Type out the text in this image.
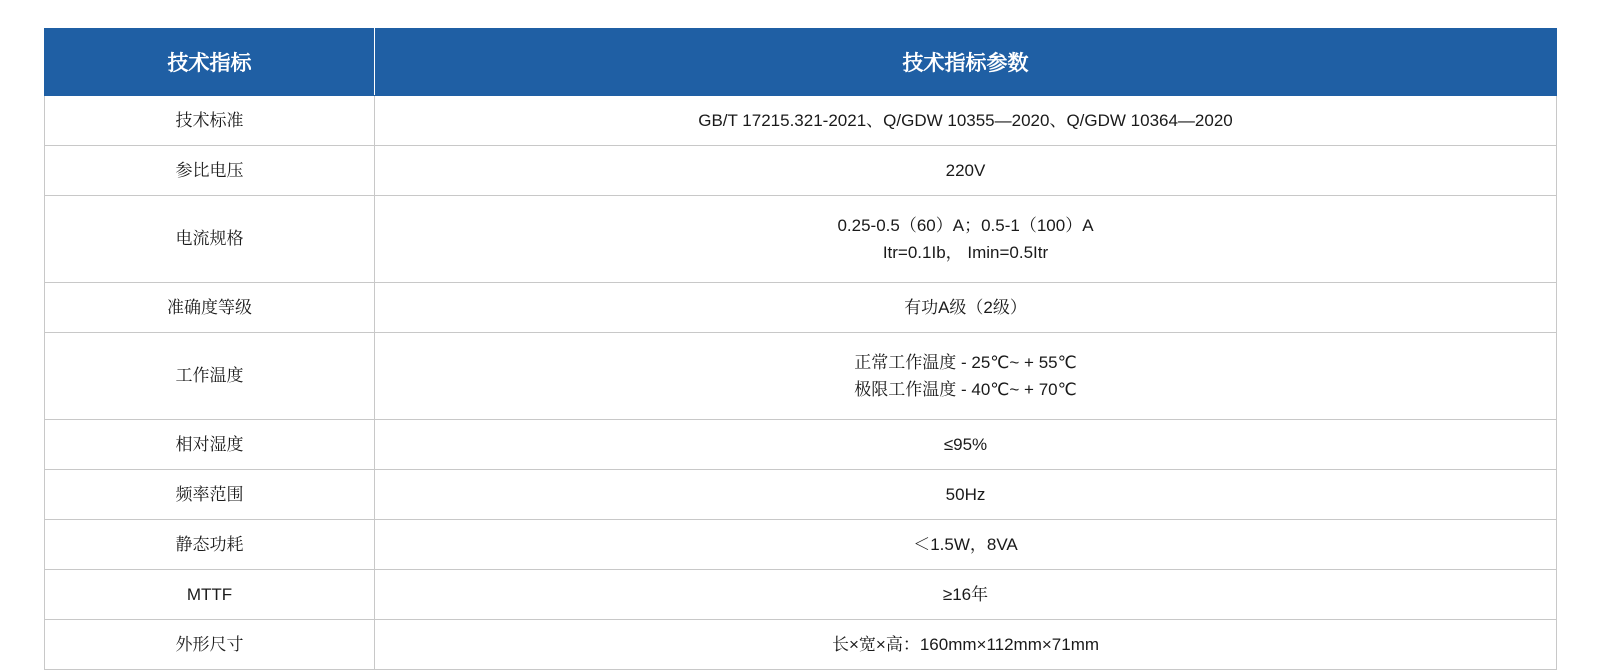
技术指标	技术指标参数
技术标准	GB/T 17215.321-2021、Q/GDW 10355—2020、Q/GDW 10364—2020

参比电压	220V

电流规格	0.25-0.5（60）A；0.5-1（100）A
Itr=0.1Ib， Imin=0.5Itr

准确度等级	有功A级（2级）

工作温度	正常工作温度 - 25℃~ + 55℃
极限工作温度 - 40℃~ + 70℃

相对湿度	≤95%

频率范围	50Hz

静态功耗	＜1.5W，8VA

MTTF	≥16年

外形尺寸	长×宽×高：160mm×112mm×71mm
